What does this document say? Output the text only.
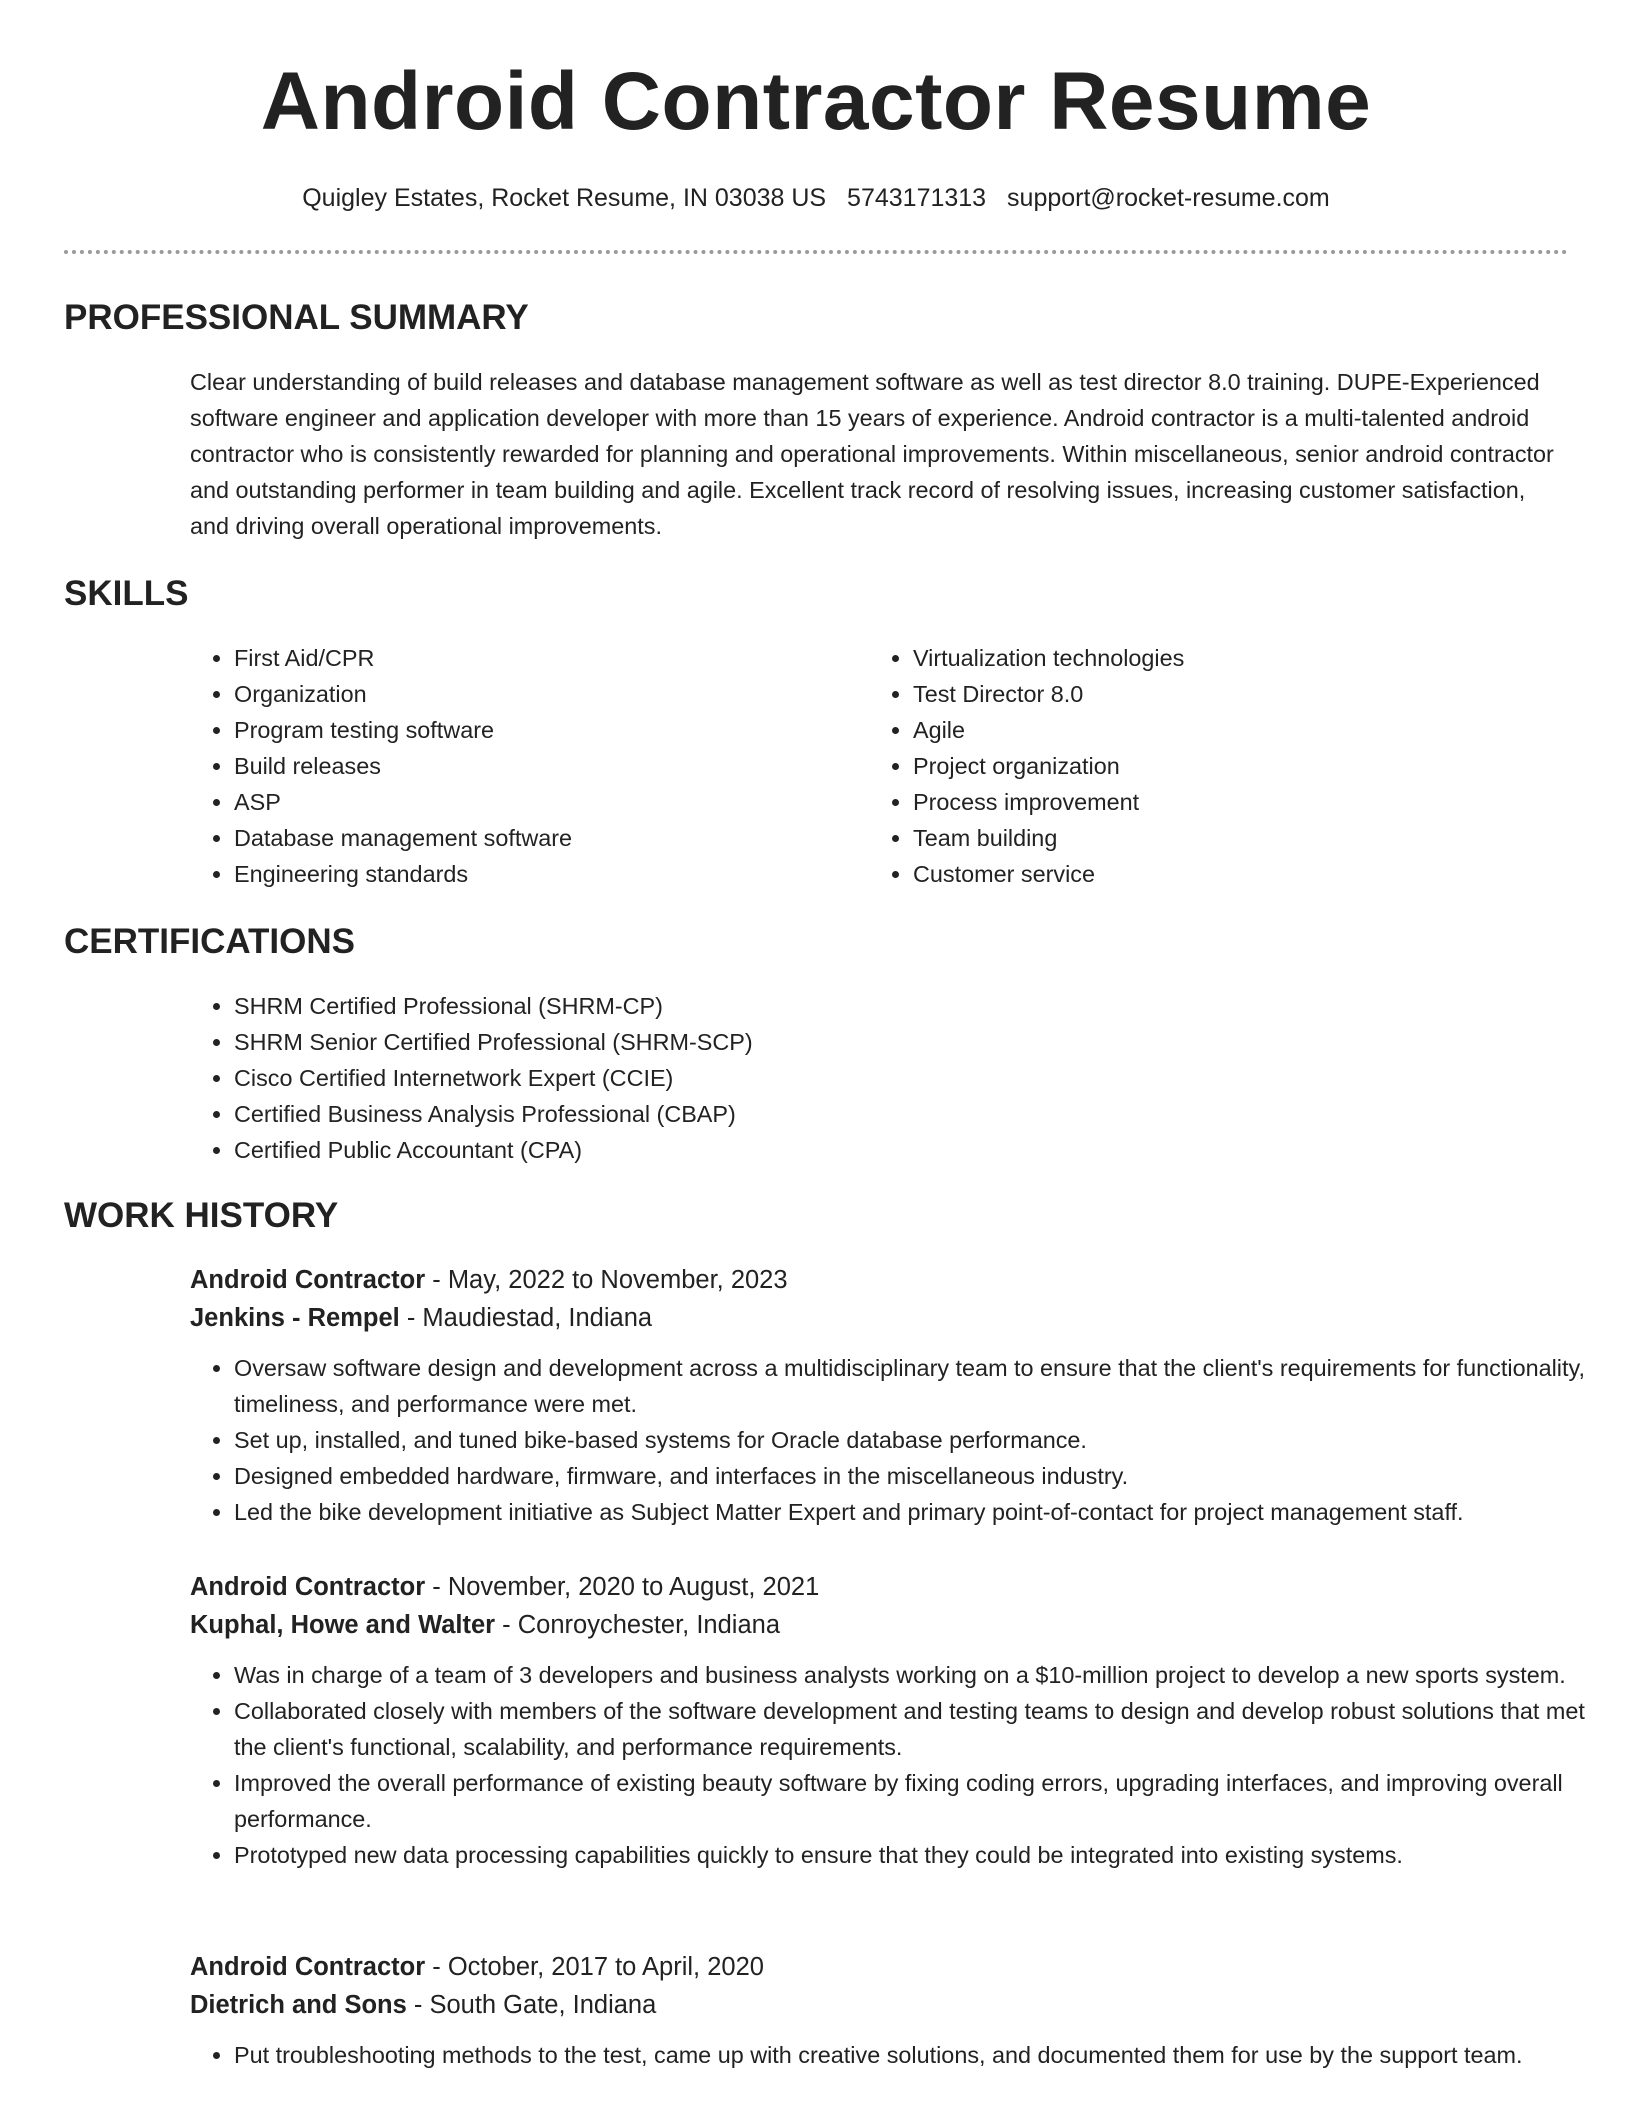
Android Contractor Resume
Quigley Estates, Rocket Resume, IN 03038 US 5743171313 support@rocket-resume.com
PROFESSIONAL SUMMARY

Clear understanding of build releases and database management software as well as test director 8.0 training. DUPE-Experienced software engineer and application developer with more than 15 years of experience. Android contractor is a multi-talented android contractor who is consistently rewarded for planning and operational improvements. Within miscellaneous, senior android contractor and outstanding performer in team building and agile. Excellent track record of resolving issues, increasing customer satisfaction, and driving overall operational improvements.

SKILLS
• First Aid/CPR
• Organization
• Program testing software
• Build releases
• ASP
• Database management software
• Engineering standards
• Virtualization technologies
• Test Director 8.0
• Agile
• Project organization
• Process improvement
• Team building
• Customer service
CERTIFICATIONS
• SHRM Certified Professional (SHRM-CP)
• SHRM Senior Certified Professional (SHRM-SCP)
• Cisco Certified Internetwork Expert (CCIE)
• Certified Business Analysis Professional (CBAP)
• Certified Public Accountant (CPA)
WORK HISTORY

Android Contractor - May, 2022 to November, 2023

Jenkins - Rempel - Maudiestad, Indiana

• Oversaw software design and development across a multidisciplinary team to ensure that the client's requirements for functionality, timeliness, and performance were met.
• Set up, installed, and tuned bike-based systems for Oracle database performance.
• Designed embedded hardware, firmware, and interfaces in the miscellaneous industry.
• Led the bike development initiative as Subject Matter Expert and primary point-of-contact for project management staff.

Android Contractor - November, 2020 to August, 2021

Kuphal, Howe and Walter - Conroychester, Indiana

• Was in charge of a team of 3 developers and business analysts working on a $10-million project to develop a new sports system.
• Collaborated closely with members of the software development and testing teams to design and develop robust solutions that met the client's functional, scalability, and performance requirements.
• Improved the overall performance of existing beauty software by fixing coding errors, upgrading interfaces, and improving overall performance.
• Prototyped new data processing capabilities quickly to ensure that they could be integrated into existing systems.

Android Contractor - October, 2017 to April, 2020

Dietrich and Sons - South Gate, Indiana

• Put troubleshooting methods to the test, came up with creative solutions, and documented them for use by the support team.
